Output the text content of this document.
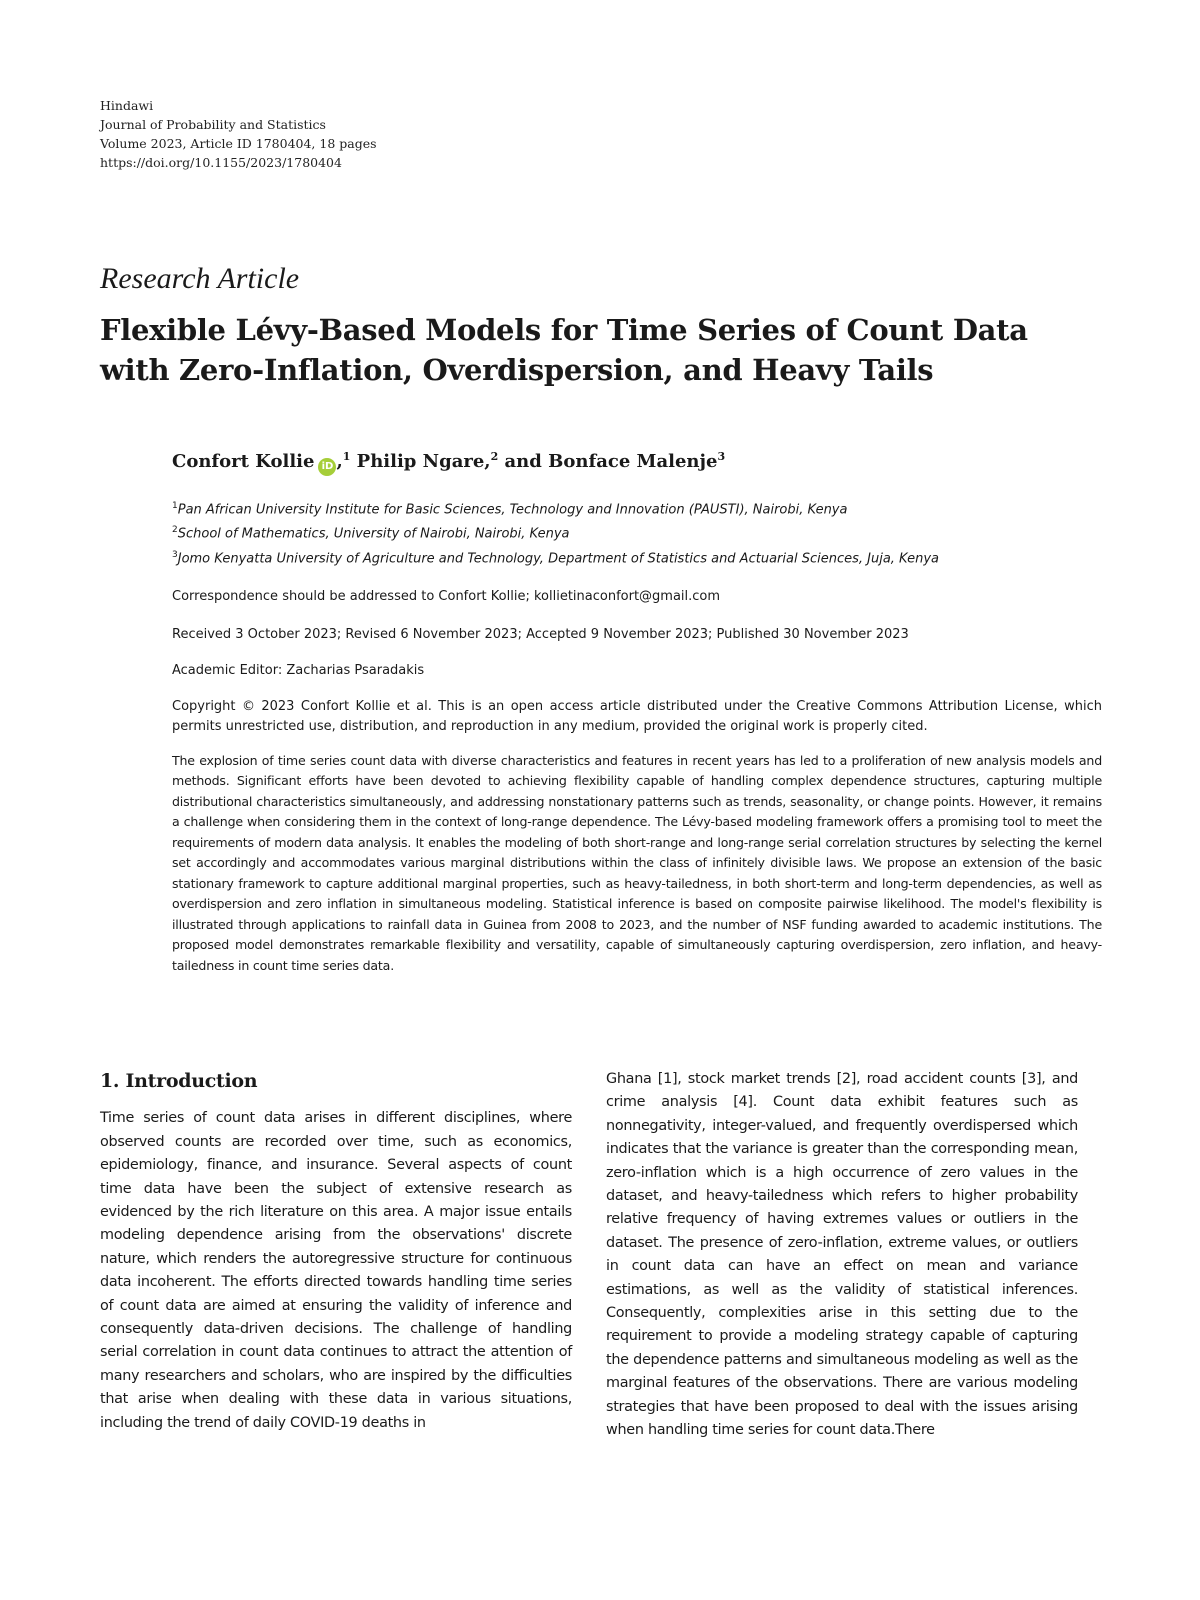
Hindawi
Journal of Probability and Statistics
Volume 2023, Article ID 1780404, 18 pages
https://doi.org/10.1155/2023/1780404
Research Article
Flexible Lévy-Based Models for Time Series of Count Data with Zero-Inflation, Overdispersion, and Heavy Tails
Confort Kollie iD ,$^1$ Philip Ngare,$^2$ and Bonface Malenje$^3$
$^1$Pan African University Institute for Basic Sciences, Technology and Innovation (PAUSTI), Nairobi, Kenya
$^2$School of Mathematics, University of Nairobi, Nairobi, Kenya
$^3$Jomo Kenyatta University of Agriculture and Technology, Department of Statistics and Actuarial Sciences, Juja, Kenya
Correspondence should be addressed to Confort Kollie; kollietinaconfort@gmail.com
Received 3 October 2023; Revised 6 November 2023; Accepted 9 November 2023; Published 30 November 2023
Academic Editor: Zacharias Psaradakis
Copyright © 2023 Confort Kollie et al. This is an open access article distributed under the Creative Commons Attribution License, which permits unrestricted use, distribution, and reproduction in any medium, provided the original work is properly cited.
The explosion of time series count data with diverse characteristics and features in recent years has led to a proliferation of new analysis models and methods. Significant efforts have been devoted to achieving flexibility capable of handling complex dependence structures, capturing multiple distributional characteristics simultaneously, and addressing nonstationary patterns such as trends, seasonality, or change points. However, it remains a challenge when considering them in the context of long-range dependence. The Lévy-based modeling framework offers a promising tool to meet the requirements of modern data analysis. It enables the modeling of both short-range and long-range serial correlation structures by selecting the kernel set accordingly and accommodates various marginal distributions within the class of infinitely divisible laws. We propose an extension of the basic stationary framework to capture additional marginal properties, such as heavy-tailedness, in both short-term and long-term dependencies, as well as overdispersion and zero inflation in simultaneous modeling. Statistical inference is based on composite pairwise likelihood. The model's flexibility is illustrated through applications to rainfall data in Guinea from 2008 to 2023, and the number of NSF funding awarded to academic institutions. The proposed model demonstrates remarkable flexibility and versatility, capable of simultaneously capturing overdispersion, zero inflation, and heavy-tailedness in count time series data.
1. Introduction

Time series of count data arises in different disciplines, where observed counts are recorded over time, such as economics, epidemiology, finance, and insurance. Several aspects of count time data have been the subject of extensive research as evidenced by the rich literature on this area. A major issue entails modeling dependence arising from the observations' discrete nature, which renders the autoregressive structure for continuous data incoherent. The efforts directed towards handling time series of count data are aimed at ensuring the validity of inference and consequently data-driven decisions. The challenge of handling serial correlation in count data continues to attract the attention of many researchers and scholars, who are inspired by the difficulties that arise when dealing with these data in various situations, including the trend of daily COVID-19 deaths in

Ghana [1], stock market trends [2], road accident counts [3], and crime analysis [4]. Count data exhibit features such as nonnegativity, integer-valued, and frequently overdispersed which indicates that the variance is greater than the corresponding mean, zero-inflation which is a high occurrence of zero values in the dataset, and heavy-tailedness which refers to higher probability relative frequency of having extremes values or outliers in the dataset. The presence of zero-inflation, extreme values, or outliers in count data can have an effect on mean and variance estimations, as well as the validity of statistical inferences. Consequently, complexities arise in this setting due to the requirement to provide a modeling strategy capable of capturing the dependence patterns and simultaneous modeling as well as the marginal features of the observations. There are various modeling strategies that have been proposed to deal with the issues arising when handling time series for count data.There
